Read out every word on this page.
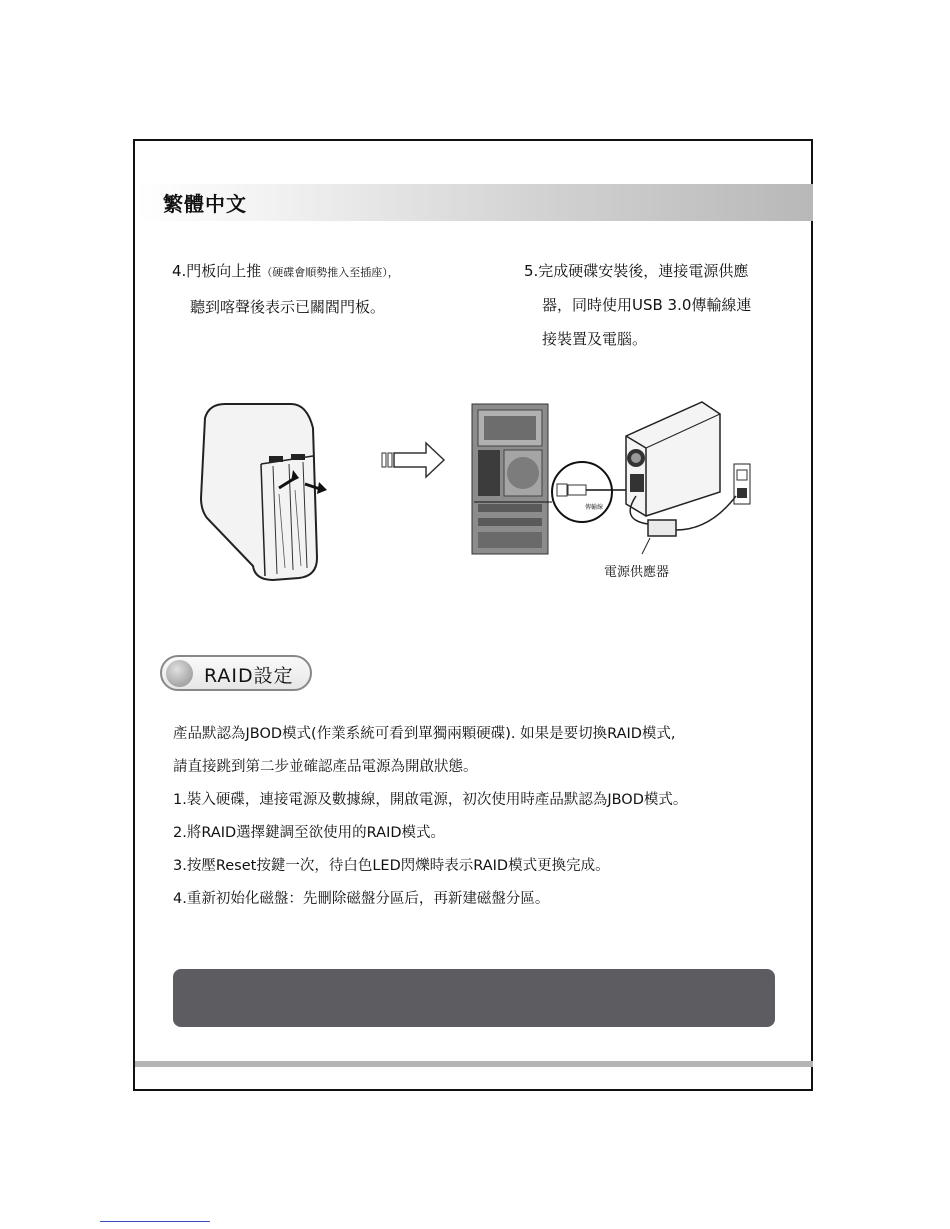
繁體中文
4.門板向上推（硬碟會順勢推入至插座），
聽到喀聲後表示已關閻門板。
5.完成硬碟安裝後，連接電源供應
器，同時使用USB 3.0傳輸線連
接裝置及電腦。
傳輸線
電源供應器
RAID設定
產品默認為JBOD模式(作業系統可看到單獨兩顆硬碟). 如果是要切換RAID模式,
請直接跳到第二步並確認產品電源為開啟狀態。
1.裝入硬碟，連接電源及數據線，開啟電源，初次使用時產品默認為JBOD模式。
2.將RAID選擇鍵調至欲使用的RAID模式。
3.按壓Reset按鍵一次，待白色LED閃爍時表示RAID模式更換完成。
4.重新初始化磁盤：先刪除磁盤分區后，再新建磁盤分區。
